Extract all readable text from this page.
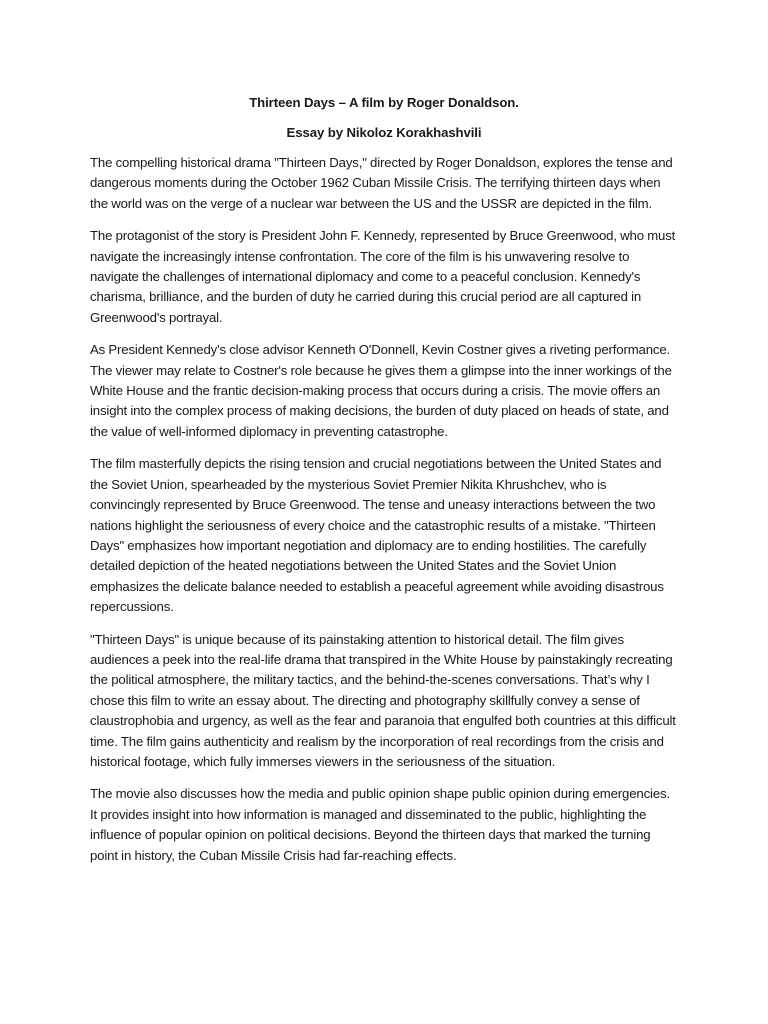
Thirteen Days – A film by Roger Donaldson.
Essay by Nikoloz Korakhashvili

The compelling historical drama "Thirteen Days," directed by Roger Donaldson, explores the tense and dangerous moments during the October 1962 Cuban Missile Crisis. The terrifying thirteen days when the world was on the verge of a nuclear war between the US and the USSR are depicted in the film.

The protagonist of the story is President John F. Kennedy, represented by Bruce Greenwood, who must navigate the increasingly intense confrontation. The core of the film is his unwavering resolve to navigate the challenges of international diplomacy and come to a peaceful conclusion. Kennedy's charisma, brilliance, and the burden of duty he carried during this crucial period are all captured in Greenwood's portrayal.

As President Kennedy's close advisor Kenneth O'Donnell, Kevin Costner gives a riveting performance. The viewer may relate to Costner's role because he gives them a glimpse into the inner workings of the White House and the frantic decision-making process that occurs during a crisis. The movie offers an insight into the complex process of making decisions, the burden of duty placed on heads of state, and the value of well-informed diplomacy in preventing catastrophe.

The film masterfully depicts the rising tension and crucial negotiations between the United States and the Soviet Union, spearheaded by the mysterious Soviet Premier Nikita Khrushchev, who is convincingly represented by Bruce Greenwood. The tense and uneasy interactions between the two nations highlight the seriousness of every choice and the catastrophic results of a mistake. "Thirteen Days" emphasizes how important negotiation and diplomacy are to ending hostilities. The carefully detailed depiction of the heated negotiations between the United States and the Soviet Union emphasizes the delicate balance needed to establish a peaceful agreement while avoiding disastrous repercussions.

"Thirteen Days" is unique because of its painstaking attention to historical detail. The film gives audiences a peek into the real-life drama that transpired in the White House by painstakingly recreating the political atmosphere, the military tactics, and the behind-the-scenes conversations. That’s why I chose this film to write an essay about. The directing and photography skillfully convey a sense of claustrophobia and urgency, as well as the fear and paranoia that engulfed both countries at this difficult time. The film gains authenticity and realism by the incorporation of real recordings from the crisis and historical footage, which fully immerses viewers in the seriousness of the situation.

The movie also discusses how the media and public opinion shape public opinion during emergencies. It provides insight into how information is managed and disseminated to the public, highlighting the influence of popular opinion on political decisions. Beyond the thirteen days that marked the turning point in history, the Cuban Missile Crisis had far-reaching effects.
